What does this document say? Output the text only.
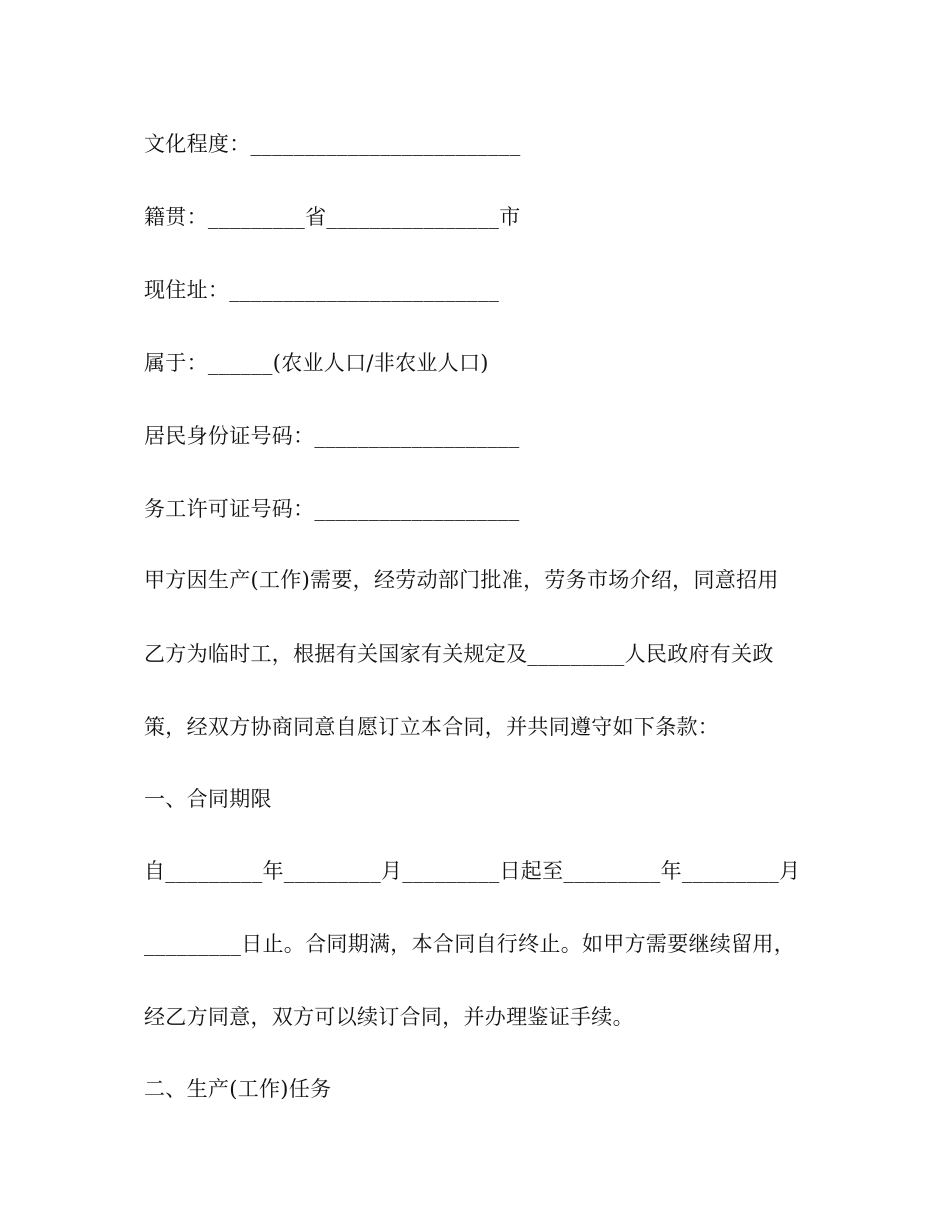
文化程度：_________________________
籍贯：_________省________________市
现住址：_________________________
属于：______(农业人口/非农业人口)
居民身份证号码：___________________
务工许可证号码：___________________
甲方因生产(工作)需要，经劳动部门批准，劳务市场介绍，同意招用
乙方为临时工，根据有关国家有关规定及_________人民政府有关政
策，经双方协商同意自愿订立本合同，并共同遵守如下条款：
一、合同期限
自_________年_________月_________日起至_________年_________月
_________日止。合同期满，本合同自行终止。如甲方需要继续留用，
经乙方同意，双方可以续订合同，并办理鉴证手续。
二、生产(工作)任务
